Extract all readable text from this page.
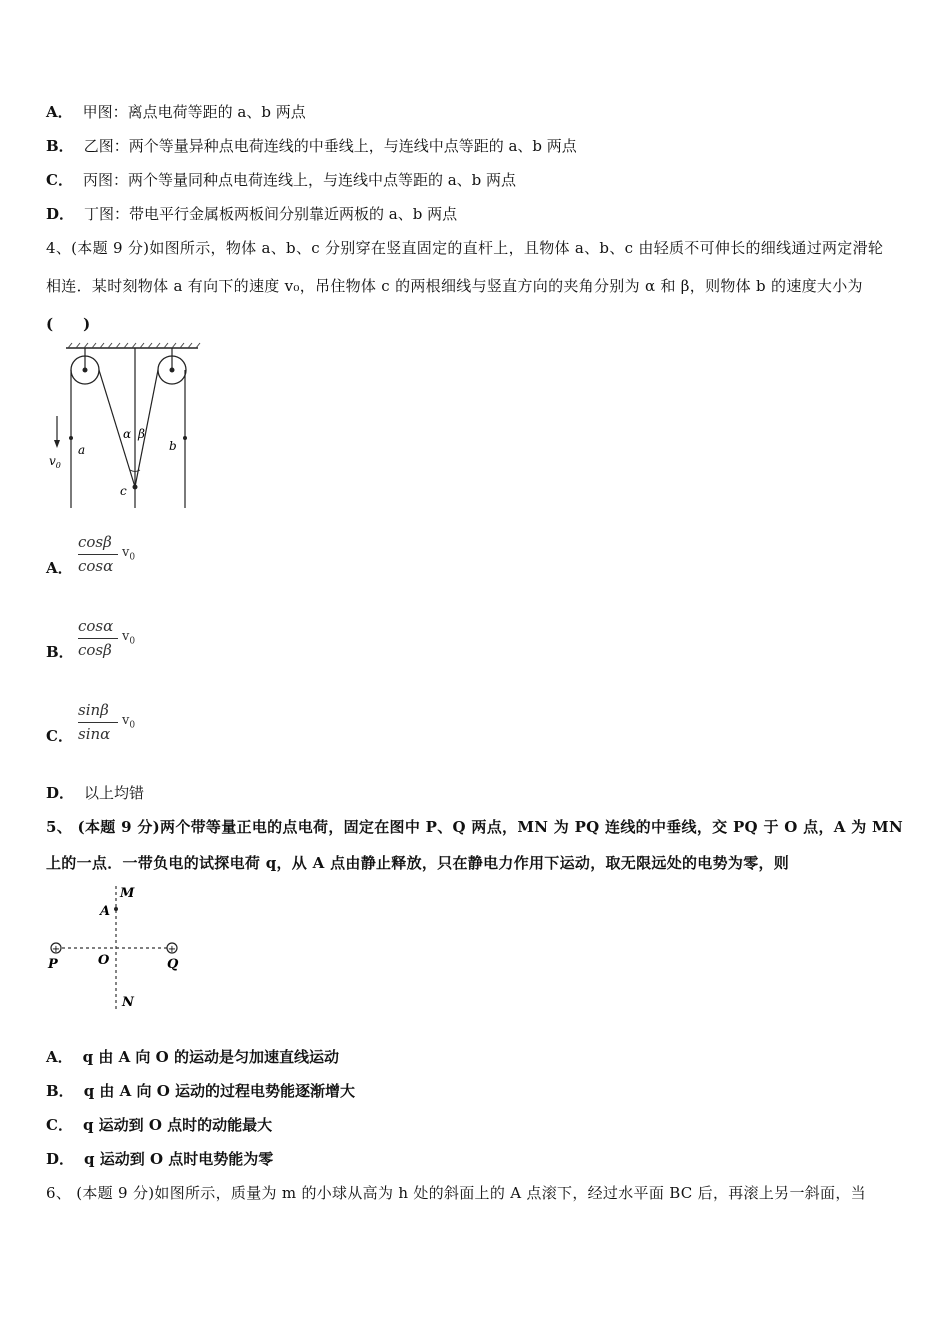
A． 甲图：离点电荷等距的 a、b 两点
B． 乙图：两个等量异种点电荷连线的中垂线上，与连线中点等距的 a、b 两点
C． 丙图：两个等量同种点电荷连线上，与连线中点等距的 a、b 两点
D． 丁图：带电平行金属板两板间分别靠近两板的 a、b 两点
4、(本题 9 分)如图所示，物体 a、b、c 分别穿在竖直固定的直杆上，且物体 a、b、c 由轻质不可伸长的细线通过两定滑轮
相连．某时刻物体 a 有向下的速度 v₀，吊住物体 c 的两根细线与竖直方向的夹角分别为 α 和 β，则物体 b 的速度大小为
(　　)
$v_0$
a
α β
b
c
A．
cosβ
cosα
$v_0$
B．
cosα
cosβ
$v_0$
C．
sinβ
sinα
$v_0$
D． 以上均错
5、 (本题 9 分)两个带等量正电的点电荷，固定在图中 P、Q 两点，MN 为 PQ 连线的中垂线，交 PQ 于 O 点，A 为 MN
上的一点．一带负电的试探电荷 q，从 A 点由静止释放，只在静电力作用下运动，取无限远处的电势为零，则
+	+
M
A
O
P	Q
N
A． q 由 A 向 O 的运动是匀加速直线运动
B． q 由 A 向 O 运动的过程电势能逐渐增大
C． q 运动到 O 点时的动能最大
D． q 运动到 O 点时电势能为零
6、 (本题 9 分)如图所示，质量为 m 的小球从高为 h 处的斜面上的 A 点滚下，经过水平面 BC 后，再滚上另一斜面，当
